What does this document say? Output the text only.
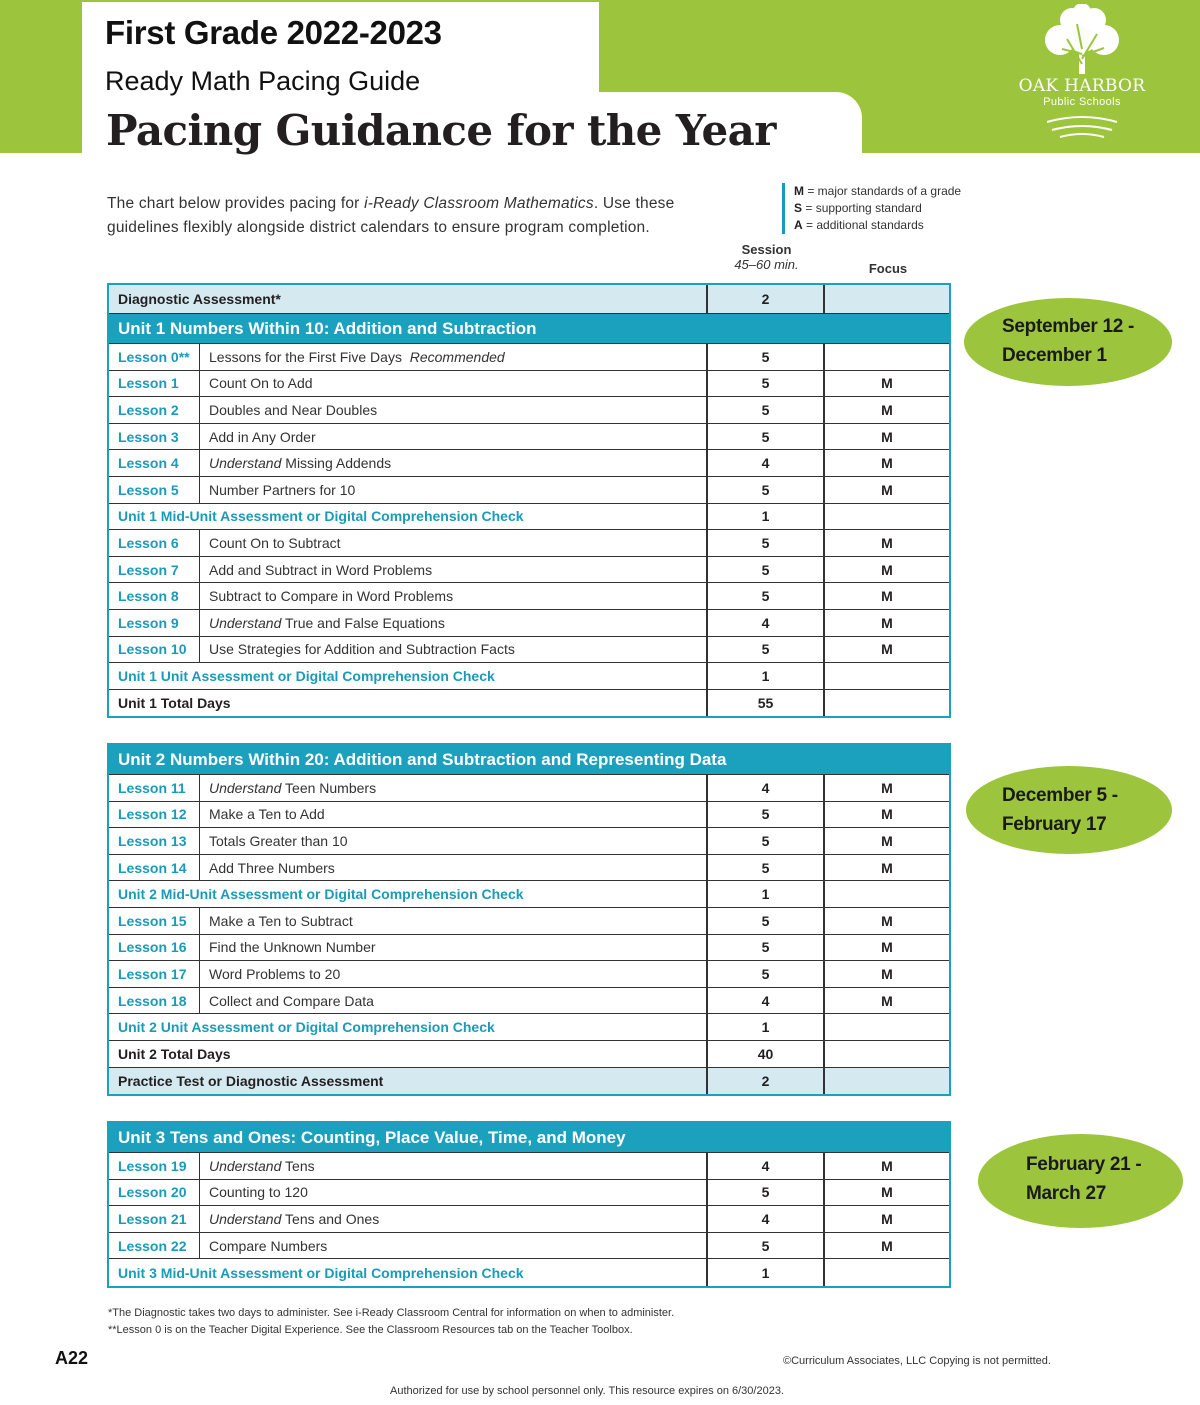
First Grade 2022-2023
Ready Math Pacing Guide
Pacing Guidance for the Year
OAK HARBOR
Public Schools
The chart below provides pacing for i-Ready Classroom Mathematics. Use these guidelines flexibly alongside district calendars to ensure program completion.
M = major standards of a grade
S = supporting standard
A = additional standards
Session
45–60 min.	Focus
Diagnostic Assessment*	2
Unit 1 Numbers Within 10: Addition and Subtraction
Lesson 0**	Lessons for the First Five Days Recommended	5
Lesson 1	Count On to Add	5	M
Lesson 2	Doubles and Near Doubles	5	M
Lesson 3	Add in Any Order	5	M
Lesson 4	Understand Missing Addends	4	M
Lesson 5	Number Partners for 10	5	M
Unit 1 Mid-Unit Assessment or Digital Comprehension Check	1
Lesson 6	Count On to Subtract	5	M
Lesson 7	Add and Subtract in Word Problems	5	M
Lesson 8	Subtract to Compare in Word Problems	5	M
Lesson 9	Understand True and False Equations	4	M
Lesson 10	Use Strategies for Addition and Subtraction Facts	5	M
Unit 1 Unit Assessment or Digital Comprehension Check	1
Unit 1 Total Days	55
Unit 2 Numbers Within 20: Addition and Subtraction and Representing Data
Lesson 11	Understand Teen Numbers	4	M
Lesson 12	Make a Ten to Add	5	M
Lesson 13	Totals Greater than 10	5	M
Lesson 14	Add Three Numbers	5	M
Unit 2 Mid-Unit Assessment or Digital Comprehension Check	1
Lesson 15	Make a Ten to Subtract	5	M
Lesson 16	Find the Unknown Number	5	M
Lesson 17	Word Problems to 20	5	M
Lesson 18	Collect and Compare Data	4	M
Unit 2 Unit Assessment or Digital Comprehension Check	1
Unit 2 Total Days	40
Practice Test or Diagnostic Assessment	2
Unit 3 Tens and Ones: Counting, Place Value, Time, and Money
Lesson 19	Understand Tens	4	M
Lesson 20	Counting to 120	5	M
Lesson 21	Understand Tens and Ones	4	M
Lesson 22	Compare Numbers	5	M
Unit 3 Mid-Unit Assessment or Digital Comprehension Check	1
September 12 -
December 1
December 5 -
February 17
February 21 -
March 27
*The Diagnostic takes two days to administer. See i-Ready Classroom Central for information on when to administer.
**Lesson 0 is on the Teacher Digital Experience. See the Classroom Resources tab on the Teacher Toolbox.
A22	©Curriculum Associates, LLC Copying is not permitted.
Authorized for use by school personnel only. This resource expires on 6/30/2023.
